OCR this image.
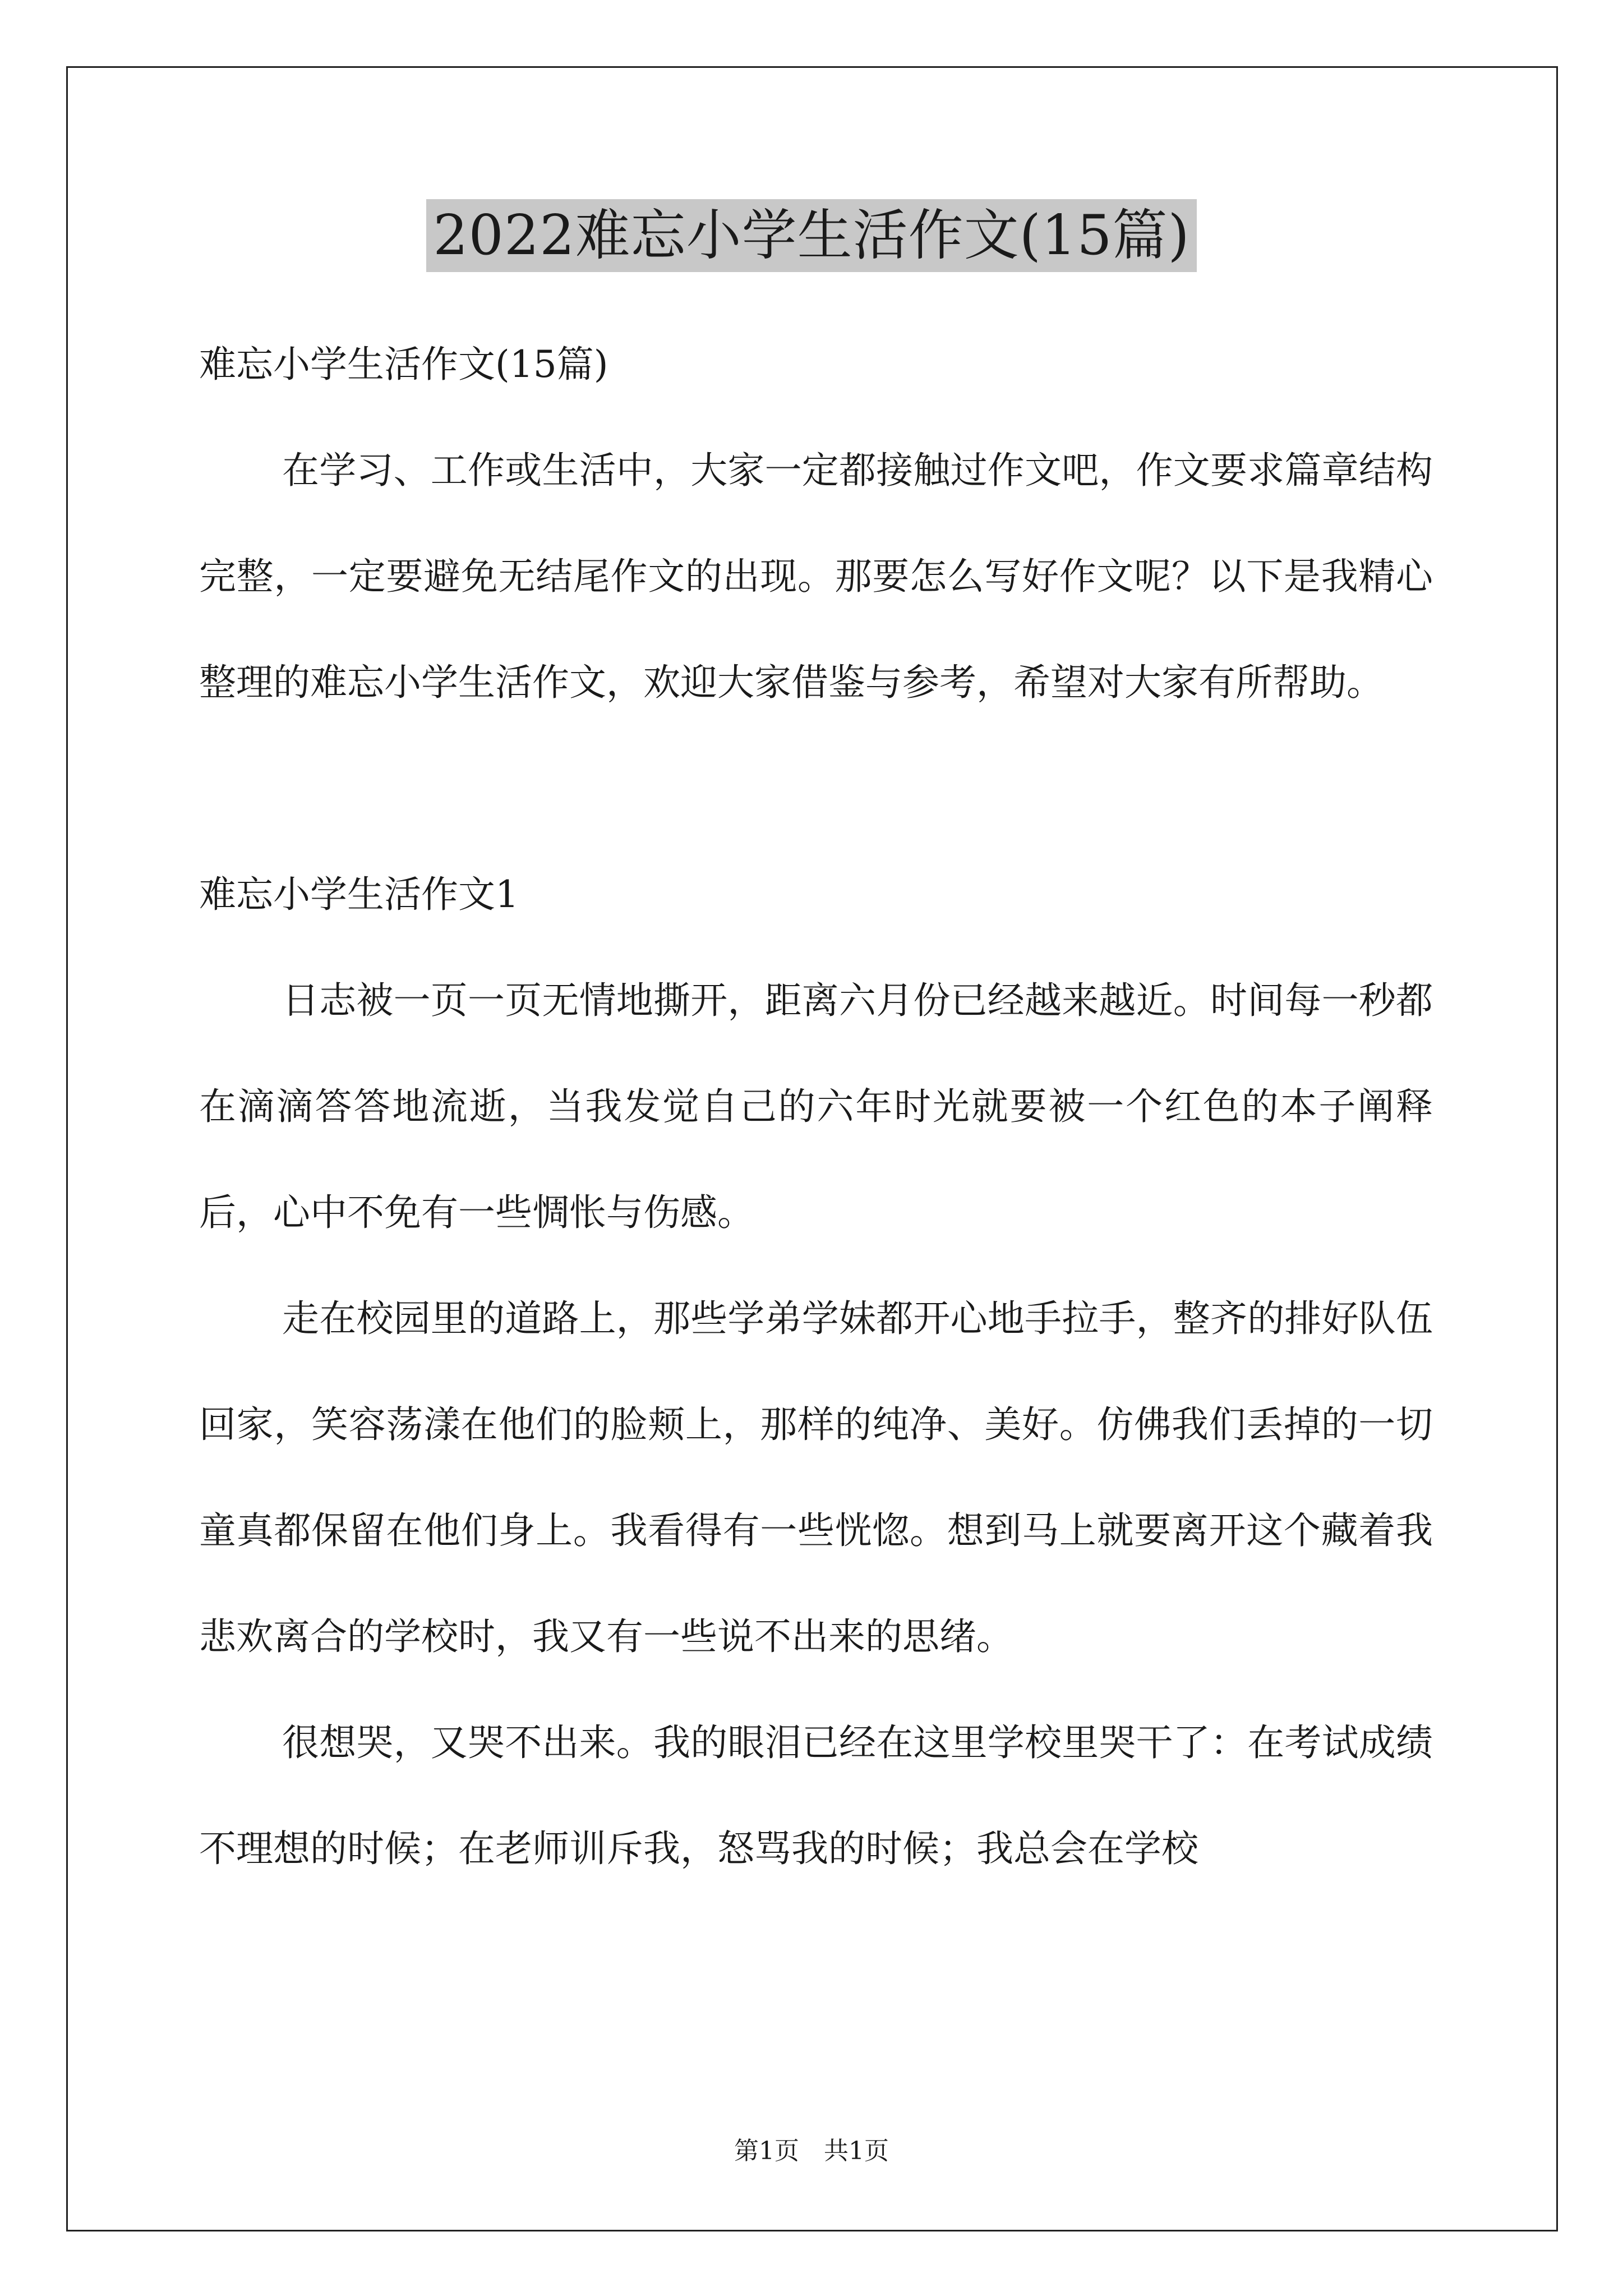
2022难忘小学生活作文(15篇)

难忘小学生活作文(15篇)

在学习、工作或生活中，大家一定都接触过作文吧，作文要求篇章结构完整，一定要避免无结尾作文的出现。那要怎么写好作文呢？以下是我精心整理的难忘小学生活作文，欢迎大家借鉴与参考，希望对大家有所帮助。

难忘小学生活作文1

日志被一页一页无情地撕开，距离六月份已经越来越近。时间每一秒都在滴滴答答地流逝，当我发觉自己的六年时光就要被一个红色的本子阐释后，心中不免有一些惆怅与伤感。

走在校园里的道路上，那些学弟学妹都开心地手拉手，整齐的排好队伍回家，笑容荡漾在他们的脸颊上，那样的纯净、美好。仿佛我们丢掉的一切童真都保留在他们身上。我看得有一些恍惚。想到马上就要离开这个藏着我悲欢离合的学校时，我又有一些说不出来的思绪。

很想哭，又哭不出来。我的眼泪已经在这里学校里哭干了：在考试成绩不理想的时候；在老师训斥我，怒骂我的时候；我总会在学校

第1页　共1页
